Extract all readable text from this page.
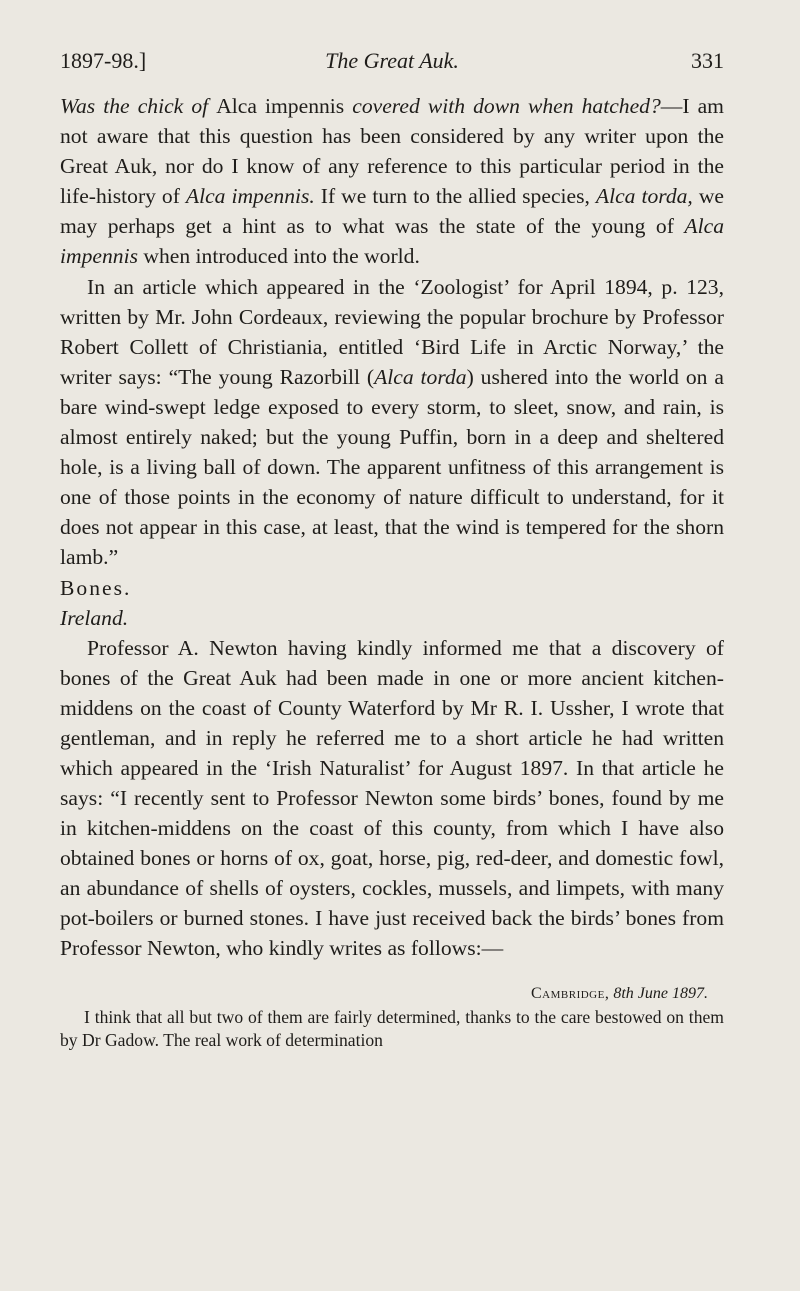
1897-98.]	The Great Auk.	331

Was the chick of Alca impennis covered with down when hatched?—I am not aware that this question has been considered by any writer upon the Great Auk, nor do I know of any reference to this particular period in the life-history of Alca impennis. If we turn to the allied species, Alca torda, we may perhaps get a hint as to what was the state of the young of Alca impennis when introduced into the world.

In an article which appeared in the ‘Zoologist’ for April 1894, p. 123, written by Mr. John Cordeaux, reviewing the popular brochure by Professor Robert Collett of Christiania, entitled ‘Bird Life in Arctic Norway,’ the writer says: “The young Razorbill (Alca torda) ushered into the world on a bare wind-swept ledge exposed to every storm, to sleet, snow, and rain, is almost entirely naked; but the young Puffin, born in a deep and sheltered hole, is a living ball of down. The apparent unfitness of this arrangement is one of those points in the economy of nature difficult to understand, for it does not appear in this case, at least, that the wind is tempered for the shorn lamb.”

Bones.

Ireland.

Professor A. Newton having kindly informed me that a discovery of bones of the Great Auk had been made in one or more ancient kitchen-middens on the coast of County Waterford by Mr R. I. Ussher, I wrote that gentleman, and in reply he referred me to a short article he had written which appeared in the ‘Irish Naturalist’ for August 1897. In that article he says: “I recently sent to Professor Newton some birds’ bones, found by me in kitchen-middens on the coast of this county, from which I have also obtained bones or horns of ox, goat, horse, pig, red-deer, and domestic fowl, an abundance of shells of oysters, cockles, mussels, and limpets, with many pot-boilers or burned stones. I have just received back the birds’ bones from Professor Newton, who kindly writes as follows:—

Cambridge, 8th June 1897.

I think that all but two of them are fairly determined, thanks to the care bestowed on them by Dr Gadow. The real work of determination
